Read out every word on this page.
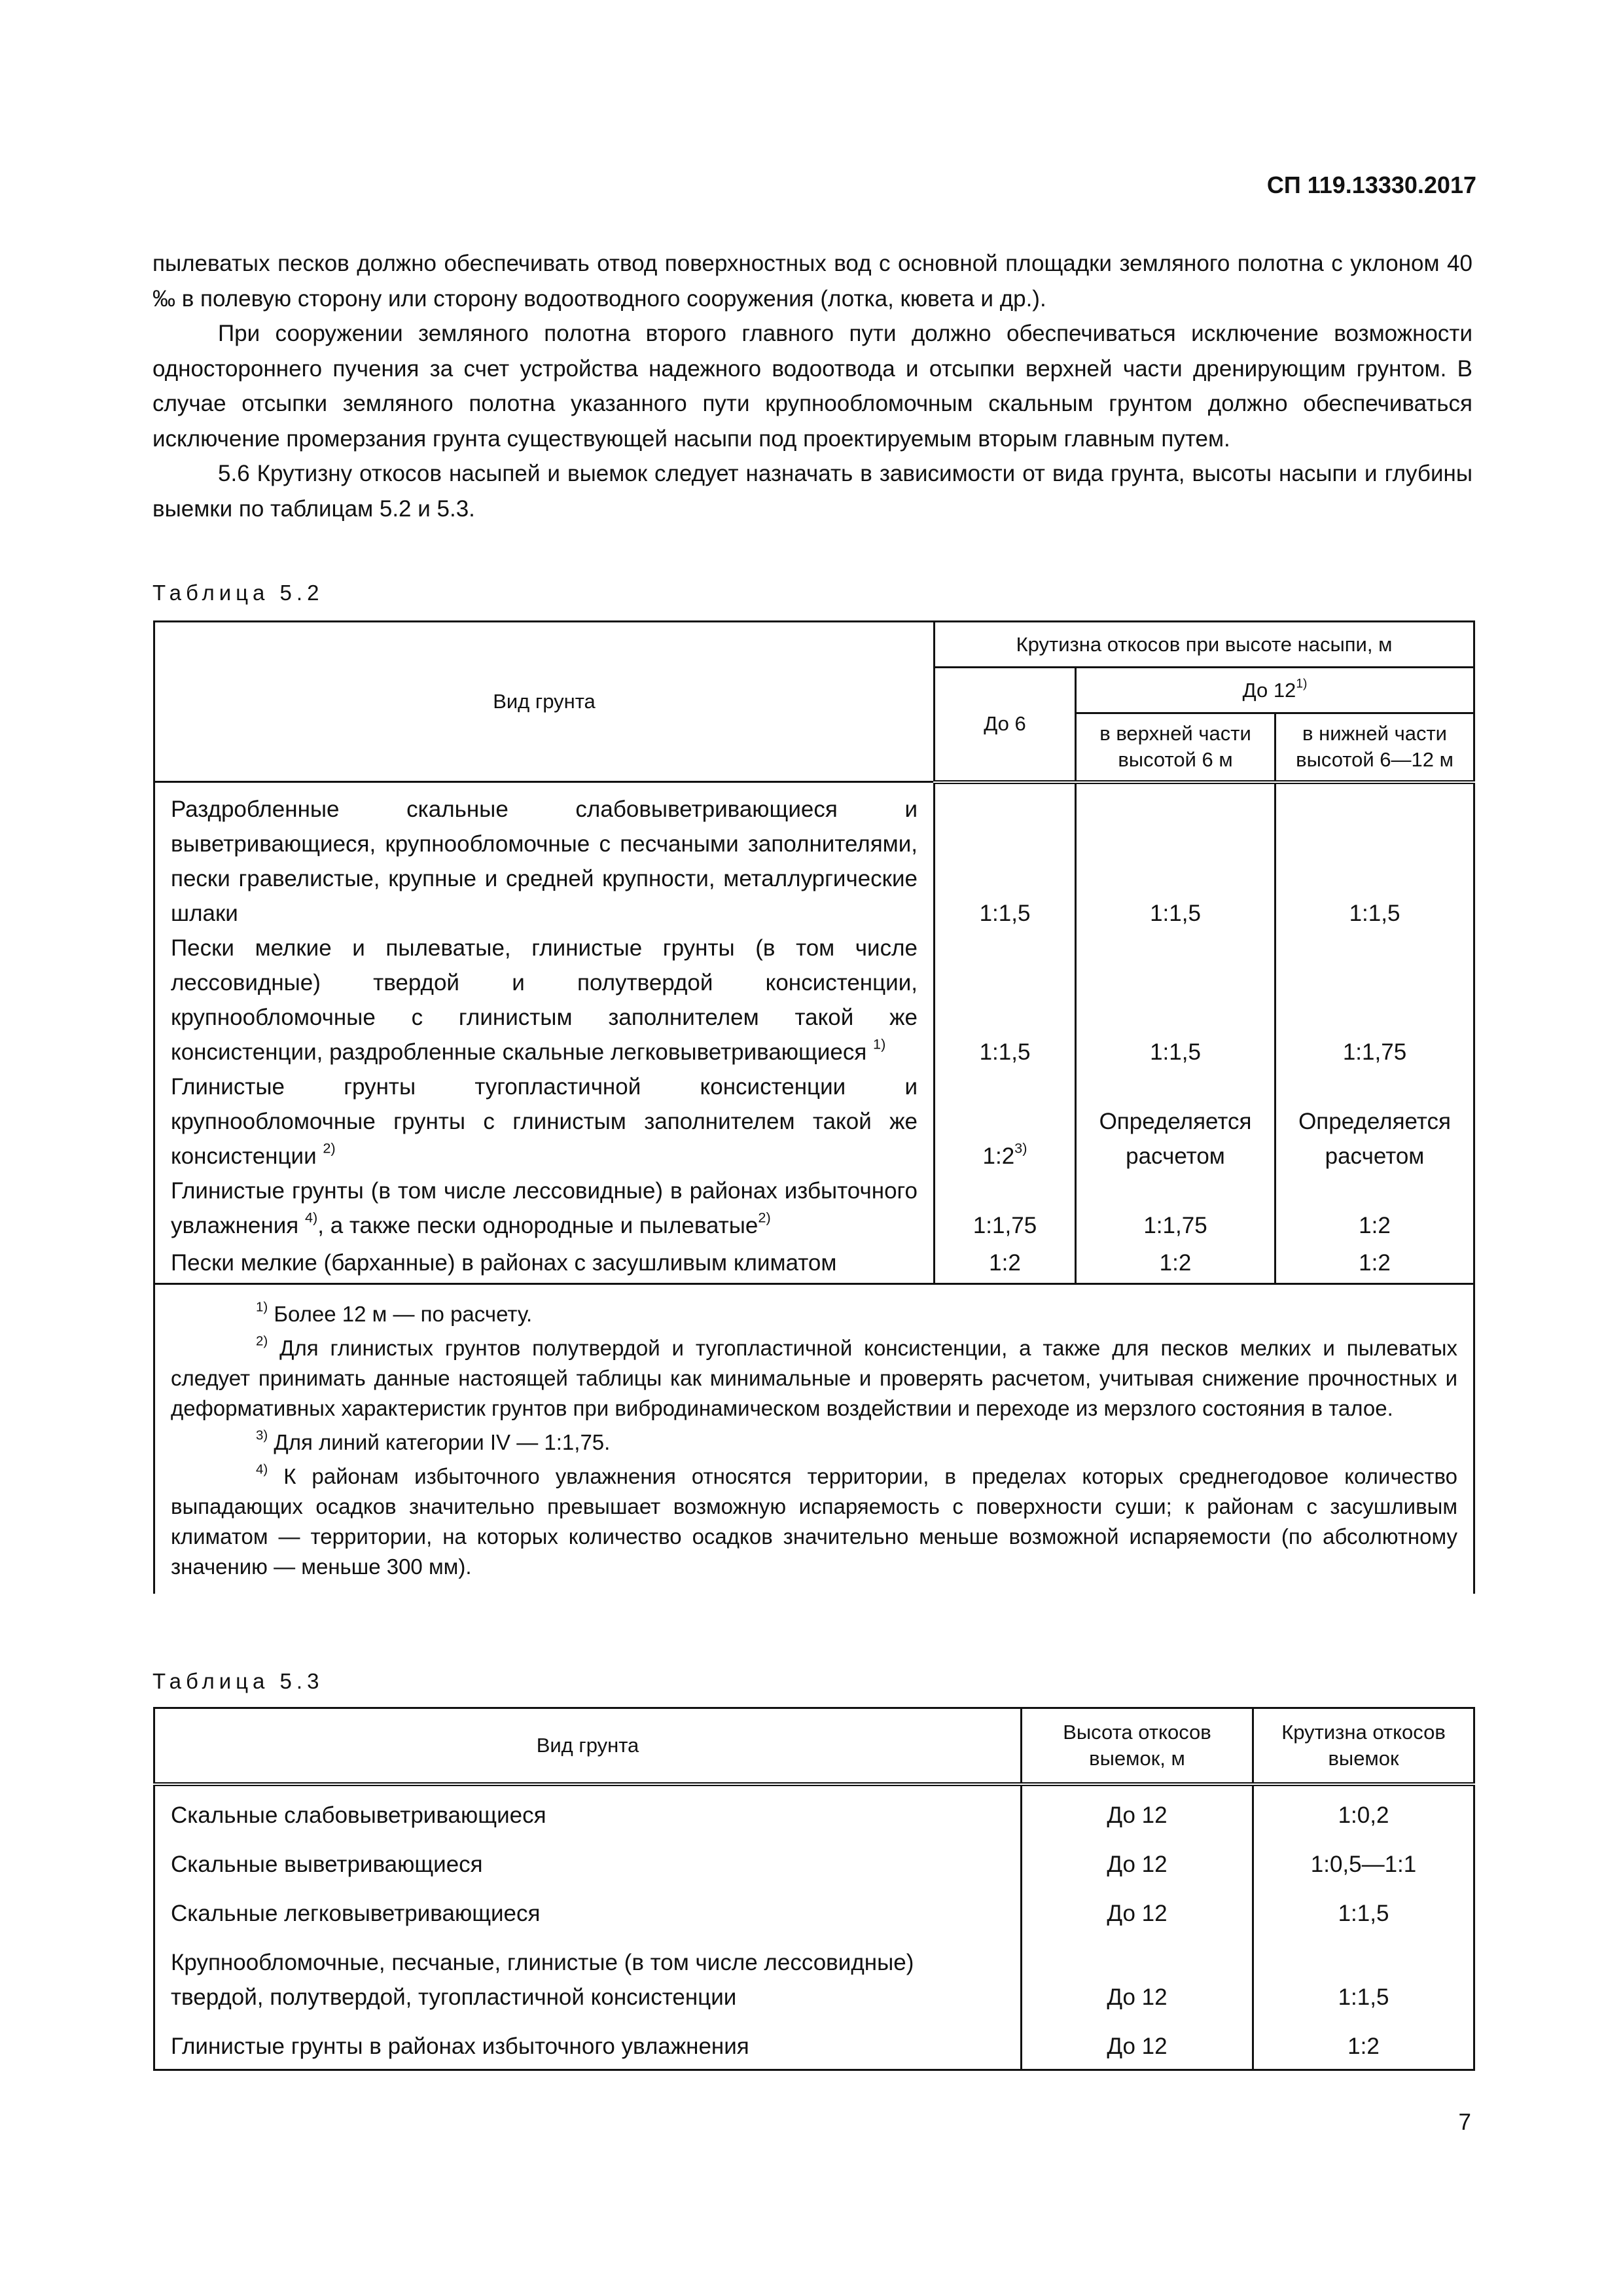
СП 119.13330.2017

пылеватых песков должно обеспечивать отвод поверхностных вод с основной площадки земляного полотна с уклоном 40 ‰ в полевую сторону или сторону водоотводного сооружения (лотка, кювета и др.).

При сооружении земляного полотна второго главного пути должно обеспечиваться исключение возможности одностороннего пучения за счет устройства надежного водоотвода и отсыпки верхней части дренирующим грунтом. В случае отсыпки земляного полотна указанного пути крупнообломочным скальным грунтом должно обеспечиваться исключение промерзания грунта существующей насыпи под проектируемым вторым главным путем.

5.6 Крутизну откосов насыпей и выемок следует назначать в зависимости от вида грунта, высоты насыпи и глубины выемки по таблицам 5.2 и 5.3.

Таблица 5.2
Вид грунта	Крутизна откосов при высоте насыпи, м		
	До 6	До 12$^{1)}$
		в верхней части высотой 6 м	в нижней части высотой 6—12 м
Раздробленные скальные слабовыветривающиеся и выветривающиеся, крупнообломочные с песчаными заполнителями, пески гравелистые, крупные и средней крупности, металлургические шлаки	1:1,5	1:1,5	1:1,5
Пески мелкие и пылеватые, глинистые грунты (в том числе лессовидные) твердой и полутвердой консистенции, крупнообломочные с глинистым заполнителем такой же консистенции, раздробленные скальные легковыветривающиеся $^{1)}$	1:1,5	1:1,5	1:1,75
Глинистые грунты тугопластичной консистенции и крупнообломочные грунты с глинистым заполнителем такой же консистенции $^{2)}$	1:2$^{3)}$	Определяется расчетом	Определяется расчетом
Глинистые грунты (в том числе лессовидные) в районах избыточного увлажнения $^{4)}$, а также пески однородные и пылеватые$^{2)}$	1:1,75	1:1,75	1:2
Пески мелкие (барханные) в районах с засушливым климатом	1:2	1:2	1:2

$^{1)}$ Более 12 м — по расчету.

$^{2)}$ Для глинистых грунтов полутвердой и тугопластичной консистенции, а также для песков мелких и пылеватых следует принимать данные настоящей таблицы как минимальные и проверять расчетом, учитывая снижение прочностных и деформативных характеристик грунтов при вибродинамическом воздействии и переходе из мерзлого состояния в талое.

$^{3)}$ Для линий категории IV — 1:1,75.

$^{4)}$ К районам избыточного увлажнения относятся территории, в пределах которых среднегодовое количество выпадающих осадков значительно превышает возможную испаряемость с поверхности суши; к районам с засушливым климатом — территории, на которых количество осадков значительно меньше возможной испаряемости (по абсолютному значению — меньше 300 мм).			

Таблица 5.3
Вид грунта	Высота откосов выемок, м	Крутизна откосов выемок
Скальные слабовыветривающиеся	До 12	1:0,2
Скальные выветривающиеся	До 12	1:0,5—1:1
Скальные легковыветривающиеся	До 12	1:1,5
Крупнообломочные, песчаные, глинистые (в том числе лессовидные) твердой, полутвердой, тугопластичной консистенции	До 12	1:1,5
Глинистые грунты в районах избыточного увлажнения	До 12	1:2
7
